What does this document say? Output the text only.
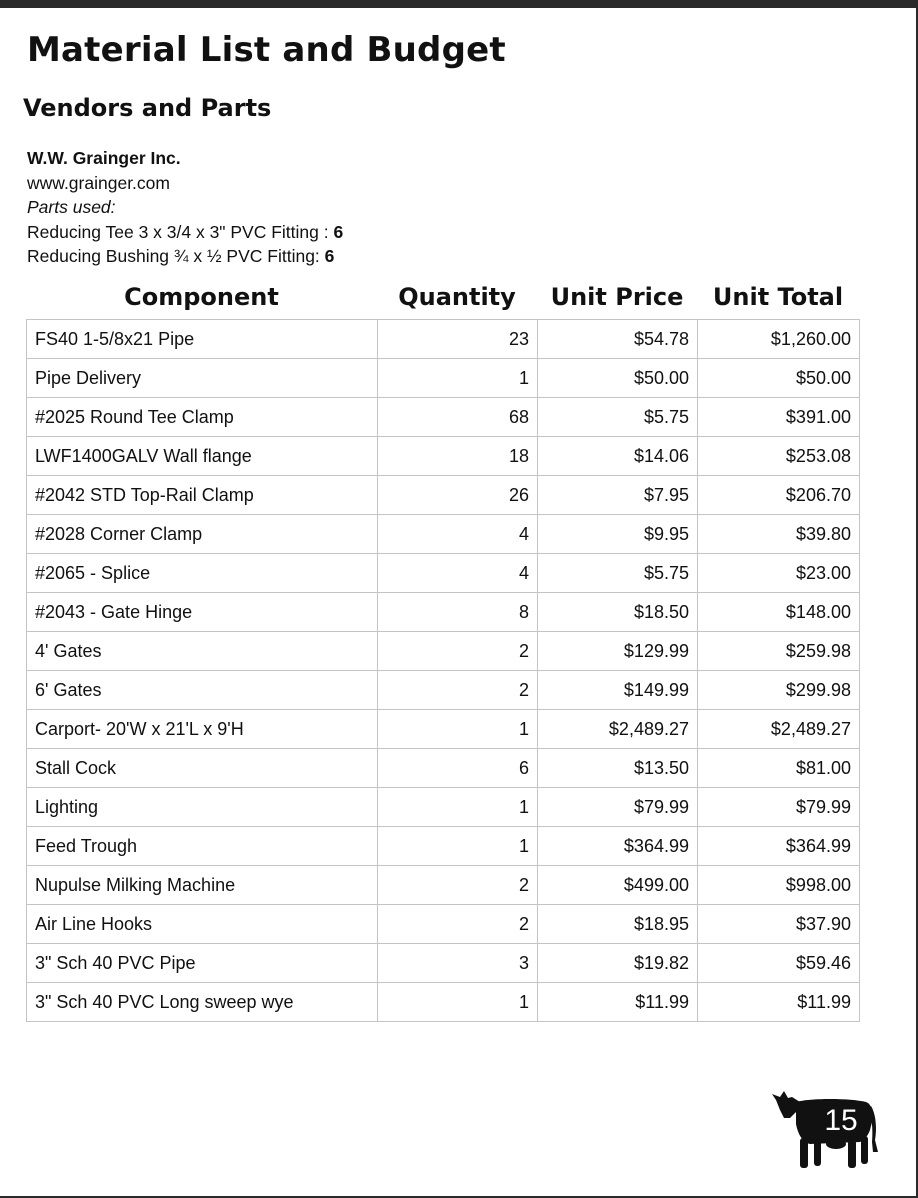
Material List and Budget
Vendors and Parts
W.W. Grainger Inc.
www.grainger.com
Parts used:
Reducing Tee 3 x 3/4 x 3" PVC Fitting : 6
Reducing Bushing ¾ x ½ PVC Fitting: 6
Component	Quantity	Unit Price	Unit Total
FS40 1-5/8x21 Pipe	23	$54.78	$1,260.00
Pipe Delivery	1	$50.00	$50.00
#2025 Round Tee Clamp	68	$5.75	$391.00
LWF1400GALV Wall flange	18	$14.06	$253.08
#2042 STD Top-Rail Clamp	26	$7.95	$206.70
#2028 Corner Clamp	4	$9.95	$39.80
#2065 - Splice	4	$5.75	$23.00
#2043 - Gate Hinge	8	$18.50	$148.00
4' Gates	2	$129.99	$259.98
6' Gates	2	$149.99	$299.98
Carport- 20'W x 21'L x 9'H	1	$2,489.27	$2,489.27
Stall Cock	6	$13.50	$81.00
Lighting	1	$79.99	$79.99
Feed Trough	1	$364.99	$364.99
Nupulse Milking Machine	2	$499.00	$998.00
Air Line Hooks	2	$18.95	$37.90
3" Sch 40 PVC Pipe	3	$19.82	$59.46
3" Sch 40 PVC Long sweep wye	1	$11.99	$11.99
15
